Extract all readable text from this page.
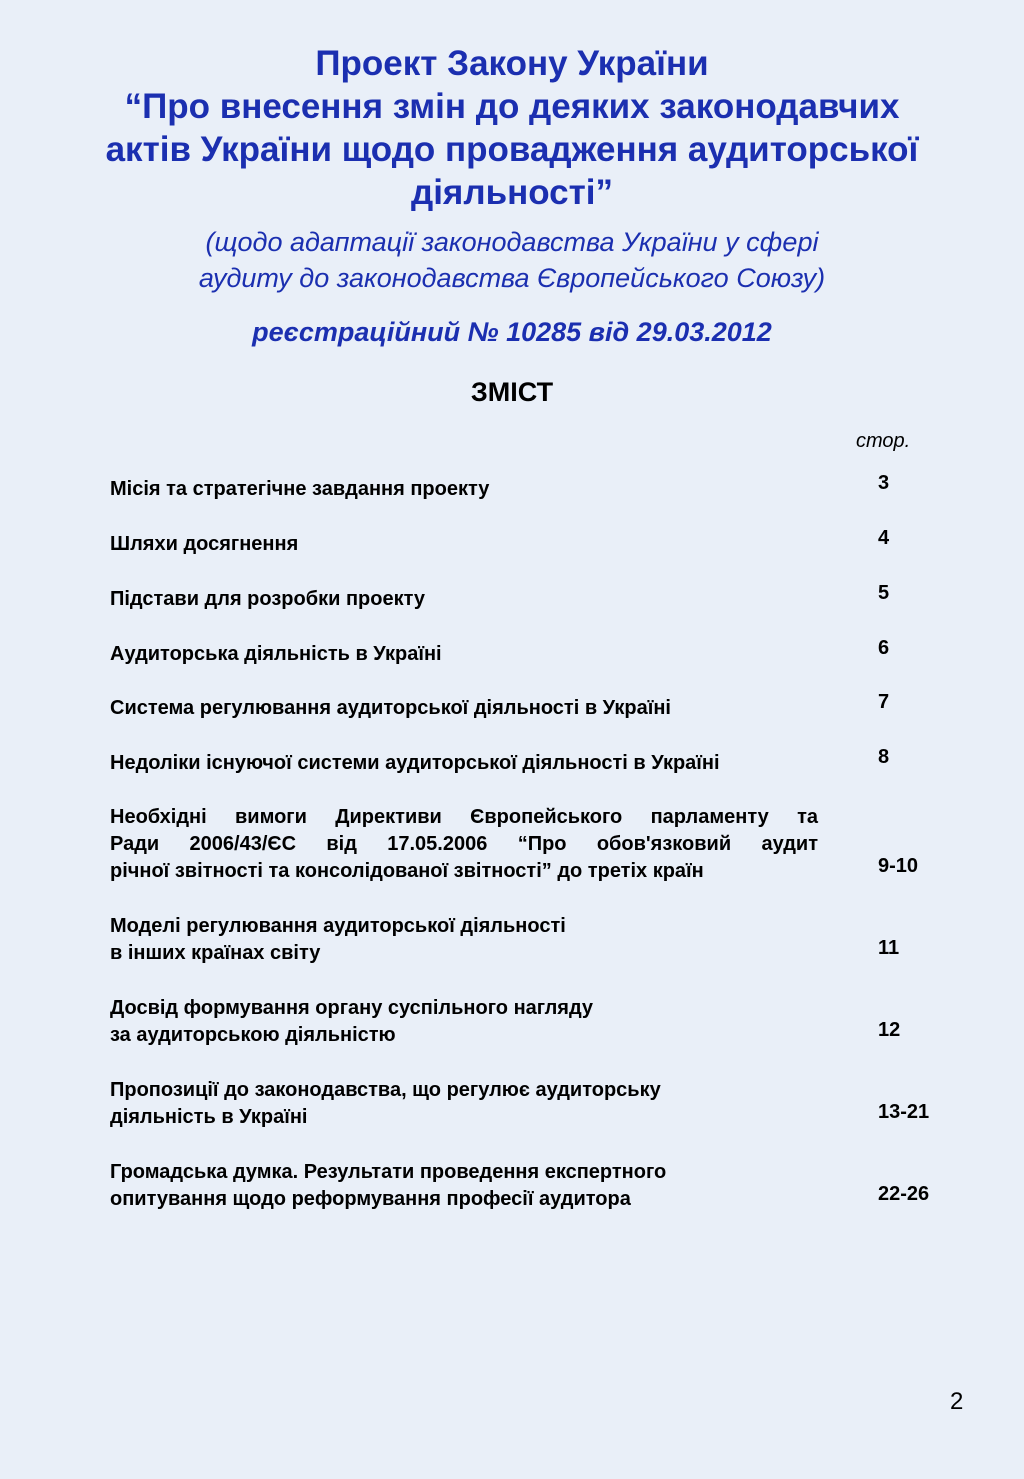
Проект Закону України
“Про внесення змін до деяких законодавчих
актів України щодо провадження аудиторської
діяльності”
(щодо адаптації законодавства України у сфері
аудиту до законодавства Європейського Союзу)
реєстраційний № 10285 від 29.03.2012
ЗМІСТ
стор.
Місія та стратегічне завдання проекту	3
Шляхи досягнення	4
Підстави для розробки проекту	5
Аудиторська діяльність в Україні	6
Система регулювання аудиторської діяльності в Україні	7
Недоліки існуючої системи аудиторської діяльності в Україні	8
Необхідні вимоги Директиви Європейського парламенту та
Ради 2006/43/ЄС від 17.05.2006 “Про обов'язковий аудит
річної звітності та консолідованої звітності” до третіх країн	9-10
Моделі регулювання аудиторської діяльності
в інших країнах світу	11
Досвід формування органу суспільного нагляду
за аудиторською діяльністю	12
Пропозиції до законодавства, що регулює аудиторську
діяльність в Україні	13-21
Громадська думка. Результати проведення експертного
опитування щодо реформування професії аудитора	22-26
2
